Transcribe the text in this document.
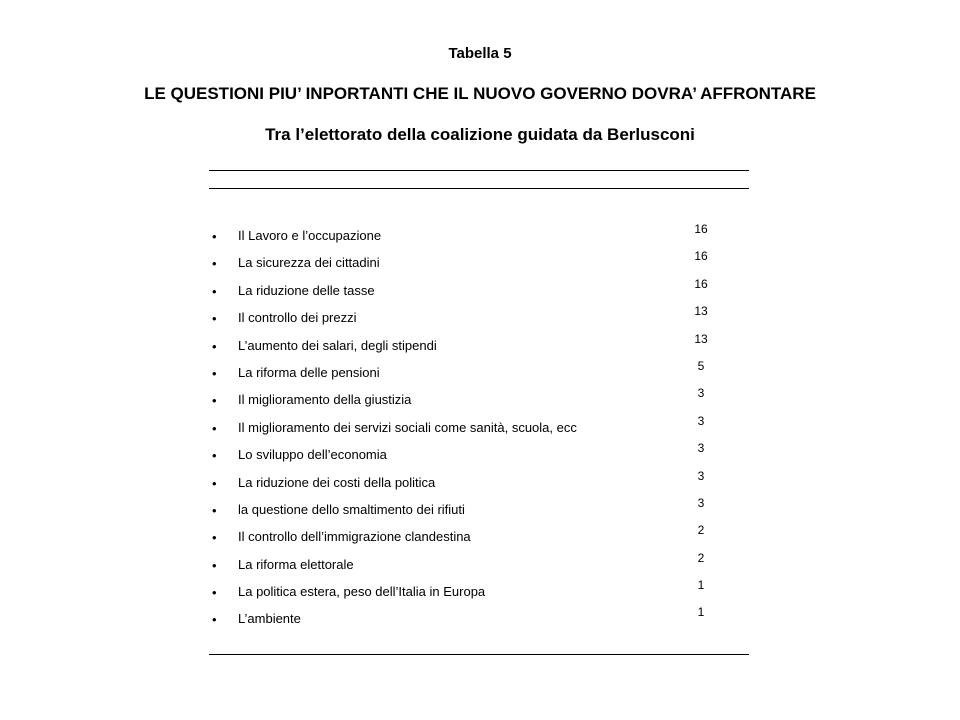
Tabella 5
LE QUESTIONI PIU’ INPORTANTI CHE IL NUOVO GOVERNO DOVRA’ AFFRONTARE
Tra l’elettorato della coalizione guidata da Berlusconi
• Il Lavoro e l’occupazione	16
• La sicurezza dei cittadini	16
• La riduzione delle tasse	16
• Il controllo dei prezzi	13
• L’aumento dei salari, degli stipendi	13
• La riforma delle pensioni	5
• Il miglioramento della giustizia	3
• Il miglioramento dei servizi sociali come sanità, scuola, ecc	3
• Lo sviluppo dell’economia	3
• La riduzione dei costi della politica	3
• la questione dello smaltimento dei rifiuti	3
• Il controllo dell’immigrazione clandestina	2
• La riforma elettorale	2
• La politica estera, peso dell’Italia in Europa	1
• L’ambiente	1
